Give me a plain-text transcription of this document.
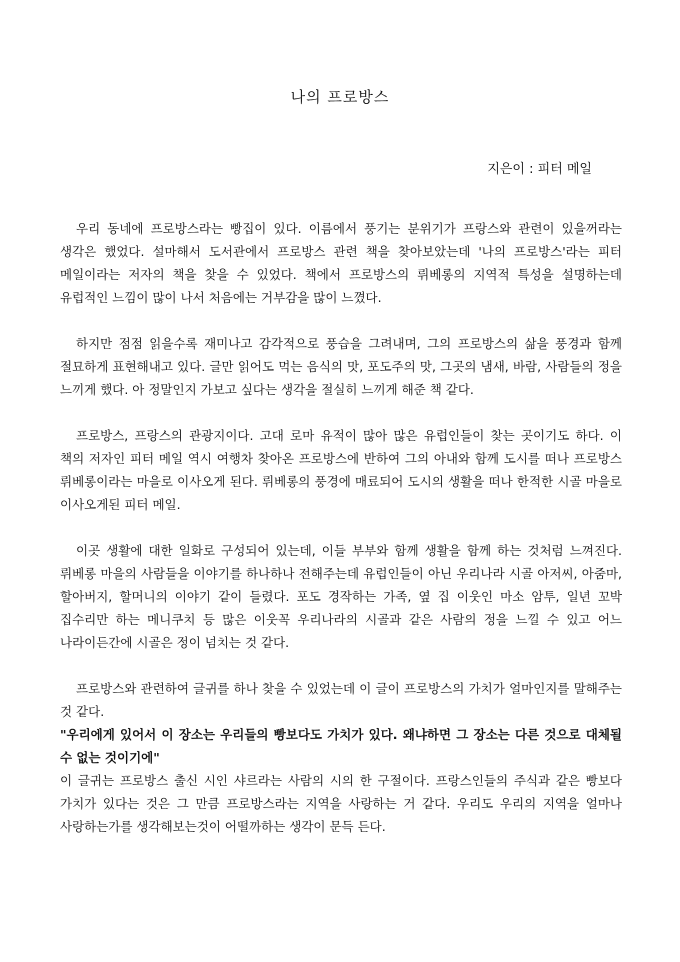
나의 프로방스

지은이 : 피터 메일

우리 동네에 프로방스라는 빵집이 있다. 이름에서 풍기는 분위기가 프랑스와 관련이 있을꺼라는 생각은 했었다. 설마해서 도서관에서 프로방스 관련 책을 찾아보았는데 '나의 프로방스'라는 피터 메일이라는 저자의 책을 찾을 수 있었다. 책에서 프로방스의 뤼베롱의 지역적 특성을 설명하는데 유럽적인 느낌이 많이 나서 처음에는 거부감을 많이 느꼈다.

하지만 점점 읽을수록 재미나고 감각적으로 풍습을 그려내며, 그의 프로방스의 삶을 풍경과 함께 절묘하게 표현해내고 있다. 글만 읽어도 먹는 음식의 맛, 포도주의 맛, 그곳의 냄새, 바람, 사람들의 정을 느끼게 했다. 아 정말인지 가보고 싶다는 생각을 절실히 느끼게 해준 책 같다.

프로방스, 프랑스의 관광지이다. 고대 로마 유적이 많아 많은 유럽인들이 찾는 곳이기도 하다. 이 책의 저자인 피터 메일 역시 여행차 찾아온 프로방스에 반하여 그의 아내와 함께 도시를 떠나 프로방스 뤼베롱이라는 마을로 이사오게 된다. 뤼베롱의 풍경에 매료되어 도시의 생활을 떠나 한적한 시골 마을로 이사오게된 피터 메일.

이곳 생활에 대한 일화로 구성되어 있는데, 이들 부부와 함께 생활을 함께 하는 것처럼 느껴진다. 뤼베롱 마을의 사람들을 이야기를 하나하나 전해주는데 유럽인들이 아닌 우리나라 시골 아저씨, 아줌마, 할아버지, 할머니의 이야기 같이 들렸다. 포도 경작하는 가족, 옆 집 이웃인 마소 암투, 일년 꼬박 집수리만 하는 메니쿠치 등 많은 이웃꼭 우리나라의 시골과 같은 사람의 정을 느낄 수 있고 어느 나라이든간에 시골은 정이 넘치는 것 같다.

프로방스와 관련하여 글귀를 하나 찾을 수 있었는데 이 글이 프로방스의 가치가 얼마인지를 말해주는 것 같다.

"우리에게 있어서 이 장소는 우리들의 빵보다도 가치가 있다. 왜냐하면 그 장소는 다른 것으로 대체될 수 없는 것이기에"

이 글귀는 프로방스 출신 시인 샤르라는 사람의 시의 한 구절이다. 프랑스인들의 주식과 같은 빵보다 가치가 있다는 것은 그 만큼 프로방스라는 지역을 사랑하는 거 같다. 우리도 우리의 지역을 얼마나 사랑하는가를 생각해보는것이 어떨까하는 생각이 문득 든다.
